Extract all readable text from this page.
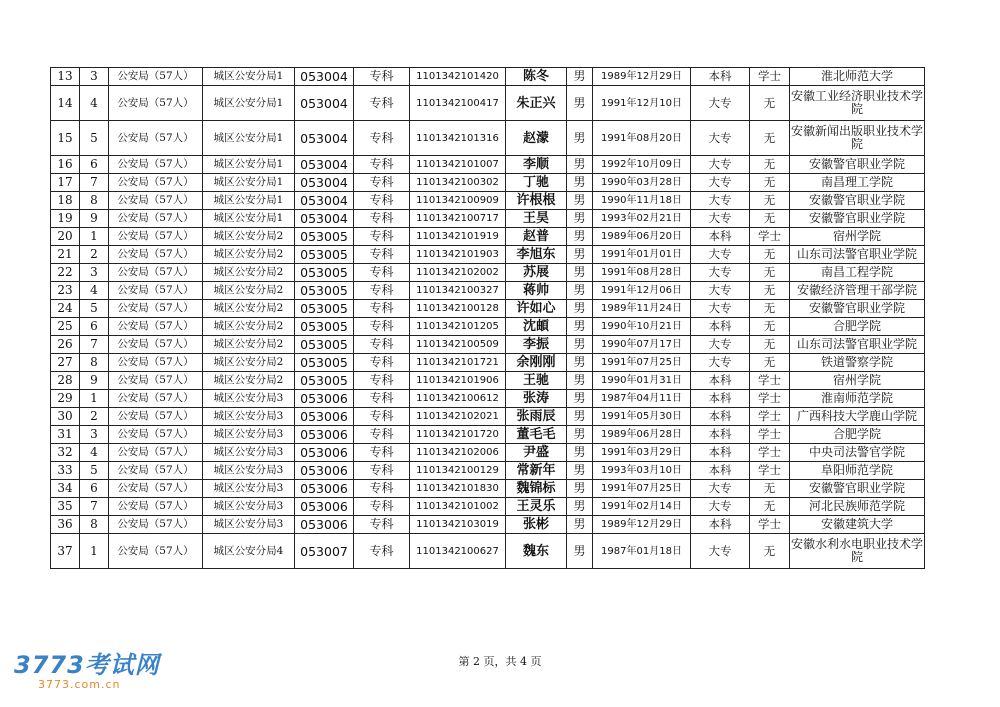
13	3	公安局（57人）	城区公安分局1	053004	专科	1101342101420	陈冬	男	1989年12月29日	本科	学士	淮北师范大学
14	4	公安局（57人）	城区公安分局1	053004	专科	1101342100417	朱正兴	男	1991年12月10日	大专	无	安徽工业经济职业技术学院
15	5	公安局（57人）	城区公安分局1	053004	专科	1101342101316	赵濛	男	1991年08月20日	大专	无	安徽新闻出版职业技术学院
16	6	公安局（57人）	城区公安分局1	053004	专科	1101342101007	李顺	男	1992年10月09日	大专	无	安徽警官职业学院
17	7	公安局（57人）	城区公安分局1	053004	专科	1101342100302	丁驰	男	1990年03月28日	大专	无	南昌理工学院
18	8	公安局（57人）	城区公安分局1	053004	专科	1101342100909	许根根	男	1990年11月18日	大专	无	安徽警官职业学院
19	9	公安局（57人）	城区公安分局1	053004	专科	1101342100717	王昊	男	1993年02月21日	大专	无	安徽警官职业学院
20	1	公安局（57人）	城区公安分局2	053005	专科	1101342101919	赵普	男	1989年06月20日	本科	学士	宿州学院
21	2	公安局（57人）	城区公安分局2	053005	专科	1101342101903	李旭东	男	1991年01月01日	大专	无	山东司法警官职业学院
22	3	公安局（57人）	城区公安分局2	053005	专科	1101342102002	苏展	男	1991年08月28日	大专	无	南昌工程学院
23	4	公安局（57人）	城区公安分局2	053005	专科	1101342100327	蒋帅	男	1991年12月06日	大专	无	安徽经济管理干部学院
24	5	公安局（57人）	城区公安分局2	053005	专科	1101342100128	许如心	男	1989年11月24日	大专	无	安徽警官职业学院
25	6	公安局（57人）	城区公安分局2	053005	专科	1101342101205	沈頔	男	1990年10月21日	本科	无	合肥学院
26	7	公安局（57人）	城区公安分局2	053005	专科	1101342100509	李振	男	1990年07月17日	大专	无	山东司法警官职业学院
27	8	公安局（57人）	城区公安分局2	053005	专科	1101342101721	余刚刚	男	1991年07月25日	大专	无	铁道警察学院
28	9	公安局（57人）	城区公安分局2	053005	专科	1101342101906	王驰	男	1990年01月31日	本科	学士	宿州学院
29	1	公安局（57人）	城区公安分局3	053006	专科	1101342100612	张涛	男	1987年04月11日	本科	学士	淮南师范学院
30	2	公安局（57人）	城区公安分局3	053006	专科	1101342102021	张雨辰	男	1991年05月30日	本科	学士	广西科技大学鹿山学院
31	3	公安局（57人）	城区公安分局3	053006	专科	1101342101720	董毛毛	男	1989年06月28日	本科	学士	合肥学院
32	4	公安局（57人）	城区公安分局3	053006	专科	1101342102006	尹盛	男	1991年03月29日	本科	学士	中央司法警官学院
33	5	公安局（57人）	城区公安分局3	053006	专科	1101342100129	常新年	男	1993年03月10日	本科	学士	阜阳师范学院
34	6	公安局（57人）	城区公安分局3	053006	专科	1101342101830	魏锦标	男	1991年07月25日	大专	无	安徽警官职业学院
35	7	公安局（57人）	城区公安分局3	053006	专科	1101342101002	王灵乐	男	1991年02月14日	大专	无	河北民族师范学院
36	8	公安局（57人）	城区公安分局3	053006	专科	1101342103019	张彬	男	1989年12月29日	本科	学士	安徽建筑大学
37	1	公安局（57人）	城区公安分局4	053007	专科	1101342100627	魏东	男	1987年01月18日	大专	无	安徽水利水电职业技术学院
第 2 页，共 4 页
3773考试网
3773.com.cn
